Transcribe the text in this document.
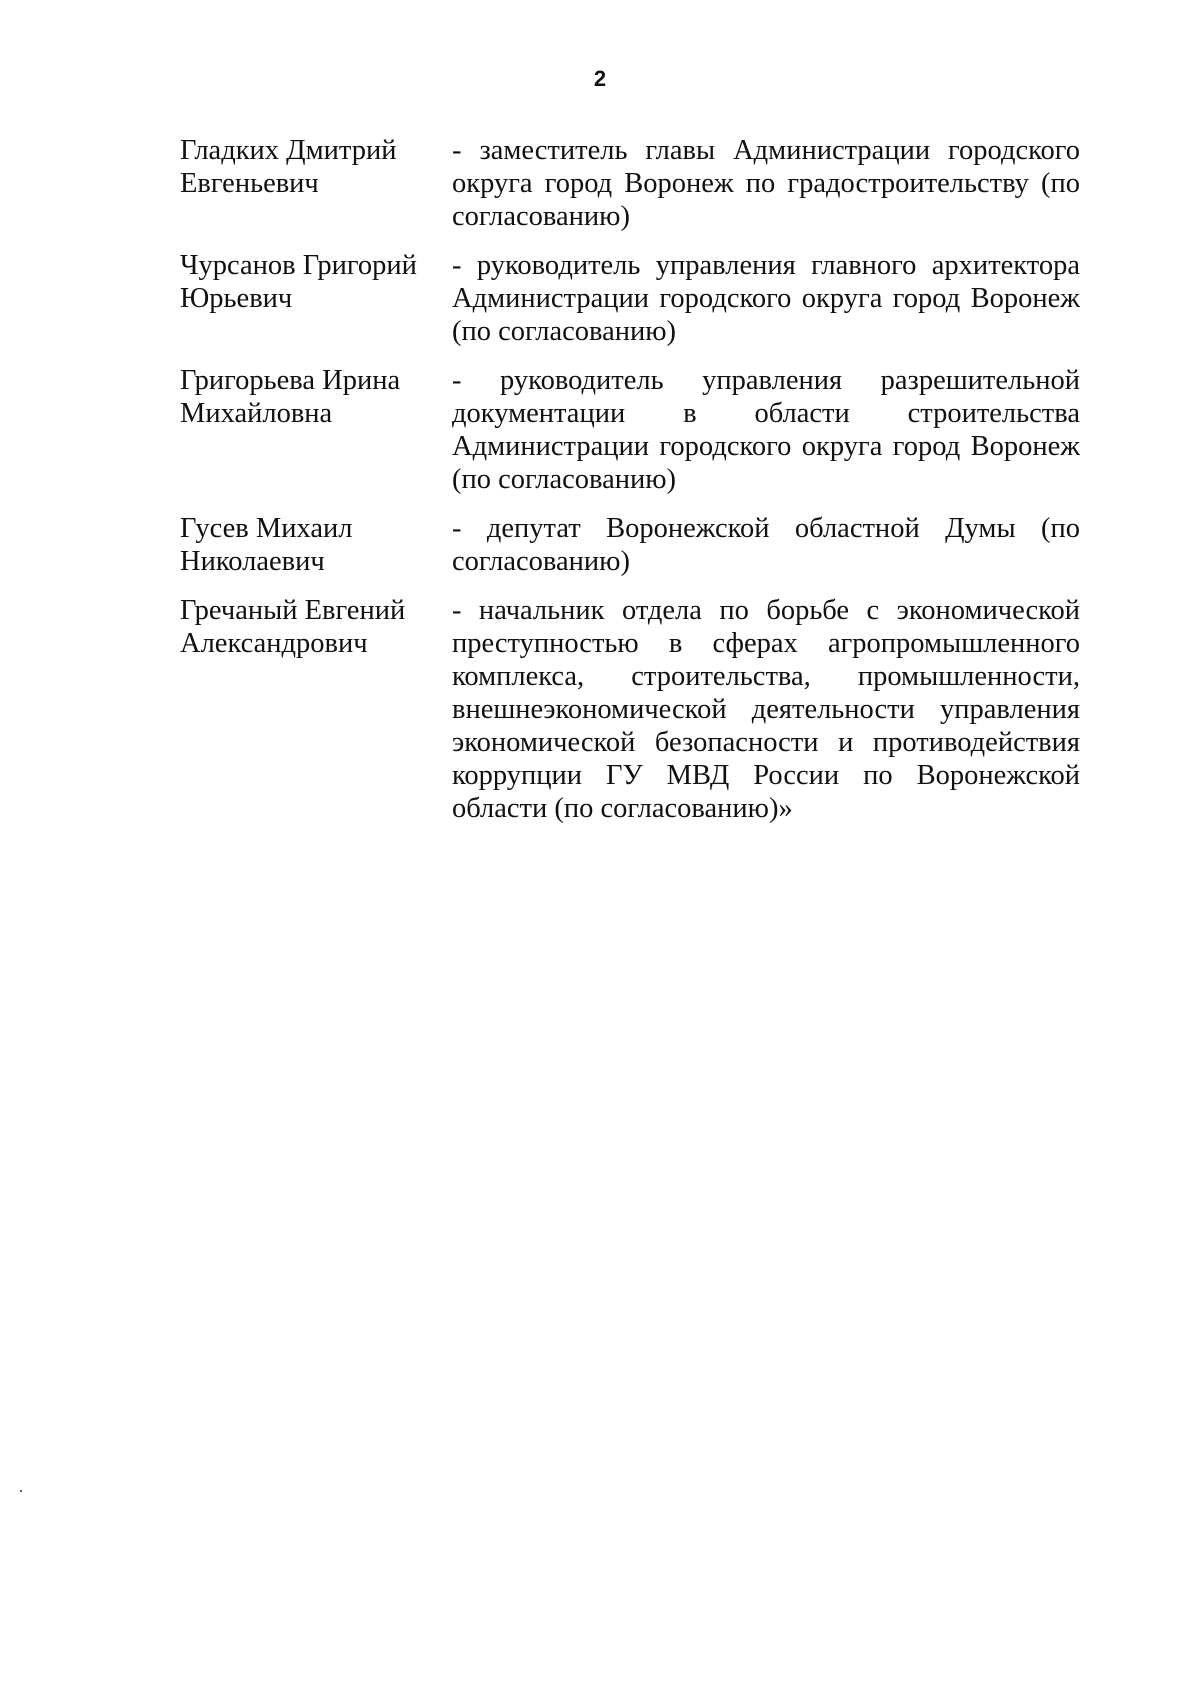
2
Гладких Дмитрий
Евгеньевич
- заместитель главы Администрации городского округа город Воронеж по градостроительству (по согласованию)
Чурсанов Григорий
Юрьевич
- руководитель управления главного архитектора Администрации городского округа город Воронеж (по согласованию)
Григорьева Ирина
Михайловна
- руководитель управления разрешительной документации в области строительства Администрации городского округа город Воронеж (по согласованию)
Гусев Михаил
Николаевич
- депутат Воронежской областной Думы (по согласованию)
Гречаный Евгений
Александрович
- начальник отдела по борьбе с экономической преступностью в сферах агропромышленного комплекса, строительства, промышленности, внешнеэкономической деятельности управления экономической безопасности и противодействия коррупции ГУ МВД России по Воронежской области (по согласованию)»
